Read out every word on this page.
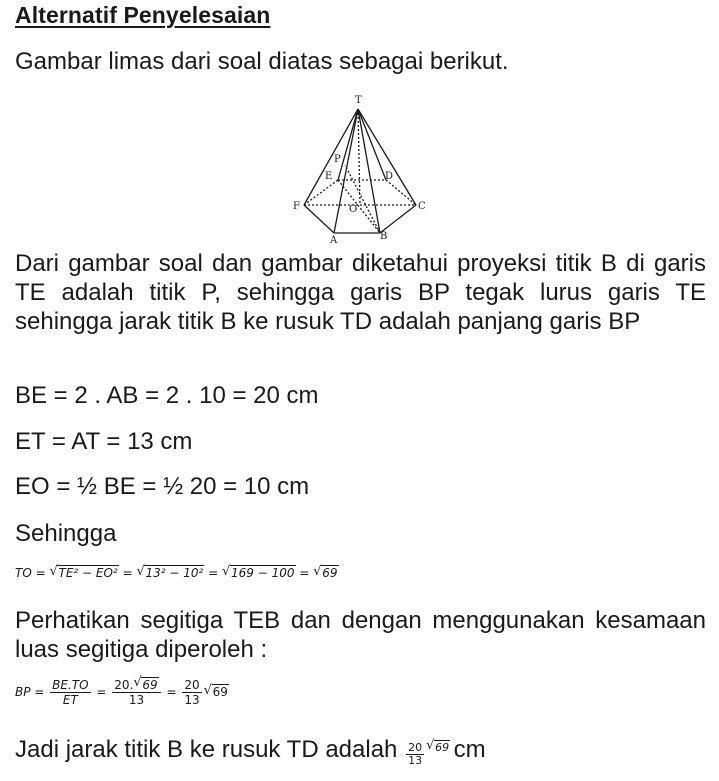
Alternatif Penyelesaian

Gambar limas dari soal diatas sebagai berikut.

T
P
E	D
F	C
O
A	B

Dari gambar soal dan gambar diketahui proyeksi titik B di garis TE adalah titik P, sehingga garis BP tegak lurus garis TE sehingga jarak titik B ke rusuk TD adalah panjang garis BP

BE = 2 . AB = 2 . 10 = 20 cm

ET = AT = 13 cm

EO = ½ BE = ½ 20 = 10 cm

Sehingga

TO = √ TE² − EO² = √ 13² − 10² = √ 169 − 100 = √ 69

Perhatikan segitiga TEB dan dengan menggunakan kesamaan luas segitiga diperoleh :

BP = $\frac{BE.TO}{ET} = \frac{20. √ 69}{13} = \frac{20}{13}$ √ 69
Jadi jarak titik B ke rusuk TD adalah $\frac{20}{13}$ √ 69 cm
